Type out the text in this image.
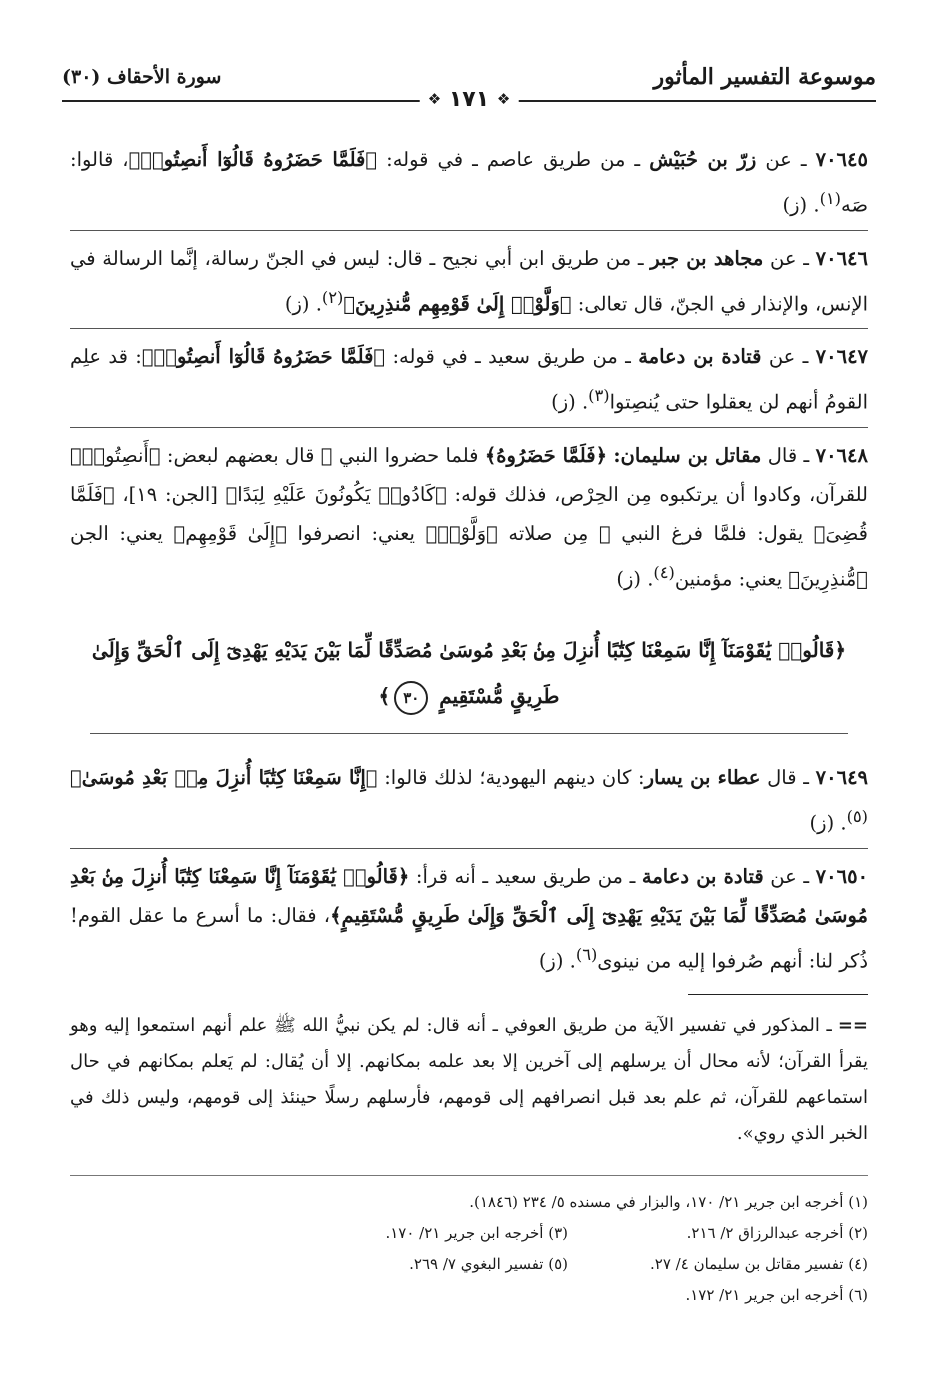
موسوعة التفسير المأثور
سورة الأحقاف (٣٠)
❖ ١٧١ ❖
٧٠٦٤٥ ـ عن زرّ بن حُبَيْش ـ من طريق عاصم ـ في قوله: ﴿فَلَمَّا حَضَرُوهُ قَالُوٓا أَنصِتُوا۟﴾، قالوا: صَه$^{(١)}$. (ز)
٧٠٦٤٦ ـ عن مجاهد بن جبر ـ من طريق ابن أبي نجيح ـ قال: ليس في الجنّ رسالة، إنَّما الرسالة في الإنس، والإنذار في الجنّ، قال تعالى: ﴿وَلَّوْا۟ إِلَىٰ قَوْمِهِم مُّنذِرِينَ﴾$^{(٢)}$. (ز)
٧٠٦٤٧ ـ عن قتادة بن دعامة ـ من طريق سعيد ـ في قوله: ﴿فَلَمَّا حَضَرُوهُ قَالُوٓا أَنصِتُوا۟﴾: قد علِم القومُ أنهم لن يعقلوا حتى يُنصِتوا$^{(٣)}$. (ز)
٧٠٦٤٨ ـ قال مقاتل بن سليمان: ﴿فَلَمَّا حَضَرُوهُ﴾ فلما حضروا النبي ﷺ قال بعضهم لبعض: ﴿أَنصِتُوا۟﴾ للقرآن، وكادوا أن يرتكبوه مِن الحِرْص، فذلك قوله: ﴿كَادُوا۟ يَكُونُونَ عَلَيْهِ لِبَدًا﴾ [الجن: ١٩]، ﴿فَلَمَّا قُضِىَ﴾ يقول: فلمَّا فرغ النبي ﷺ مِن صلاته ﴿وَلَّوْا۟﴾ يعني: انصرفوا ﴿إِلَىٰ قَوْمِهِم﴾ يعني: الجن ﴿مُّنذِرِينَ﴾ يعني: مؤمنين$^{(٤)}$. (ز)
﴿قَالُوا۟ يَٰقَوْمَنَآ إِنَّا سَمِعْنَا كِتَٰبًا أُنزِلَ مِنۢ بَعْدِ مُوسَىٰ مُصَدِّقًا لِّمَا بَيْنَ يَدَيْهِ يَهْدِىٓ إِلَى ٱلْحَقِّ وَإِلَىٰ طَرِيقٍ مُّسْتَقِيمٍ ٣٠﴾
٧٠٦٤٩ ـ قال عطاء بن يسار: كان دينهم اليهودية؛ لذلك قالوا: ﴿إِنَّا سَمِعْنَا كِتَٰبًا أُنزِلَ مِنۢ بَعْدِ مُوسَىٰ﴾$^{(٥)}$. (ز)
٧٠٦٥٠ ـ عن قتادة بن دعامة ـ من طريق سعيد ـ أنه قرأ: ﴿قَالُوا۟ يَٰقَوْمَنَآ إِنَّا سَمِعْنَا كِتَٰبًا أُنزِلَ مِنۢ بَعْدِ مُوسَىٰ مُصَدِّقًا لِّمَا بَيْنَ يَدَيْهِ يَهْدِىٓ إِلَى ٱلْحَقِّ وَإِلَىٰ طَرِيقٍ مُّسْتَقِيمٍ﴾، فقال: ما أسرع ما عقل القوم! ذُكر لنا: أنهم صُرفوا إليه من نينوى$^{(٦)}$. (ز)
==ـ المذكور في تفسير الآية من طريق العوفي ـ أنه قال: لم يكن نبيُّ الله ﷺ علم أنهم استمعوا إليه وهو يقرأ القرآن؛ لأنه محال أن يرسلهم إلى آخرين إلا بعد علمه بمكانهم. إلا أن يُقال: لم يَعلم بمكانهم في حال استماعهم للقرآن، ثم علم بعد قبل انصرافهم إلى قومهم، فأرسلهم رسلًا حينئذ إلى قومهم، وليس ذلك في الخبر الذي روي».
(١) أخرجه ابن جرير ٢١/ ١٧٠، والبزار في مسنده ٥/ ٢٣٤ (١٨٤٦).
(٢) أخرجه عبدالرزاق ٢/ ٢١٦.
(٣) أخرجه ابن جرير ٢١/ ١٧٠.
(٤) تفسير مقاتل بن سليمان ٤/ ٢٧.
(٥) تفسير البغوي ٧/ ٢٦٩.
(٦) أخرجه ابن جرير ٢١/ ١٧٢.
